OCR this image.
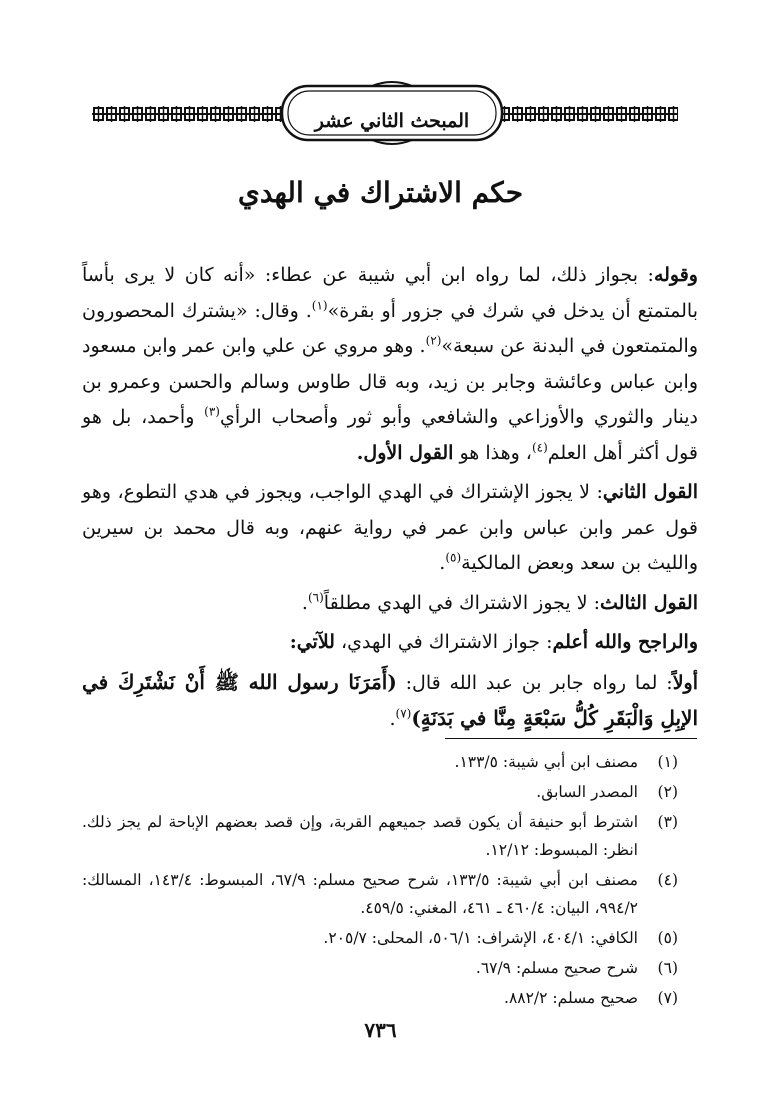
المبحث الثاني عشر
حكم الاشتراك في الهدي

وقوله: بجواز ذلك، لما رواه ابن أبي شيبة عن عطاء: «أنه كان لا يرى بأساً بالمتمتع أن يدخل في شرك في جزور أو بقرة»$^{(١)}$. وقال: «يشترك المحصورون والمتمتعون في البدنة عن سبعة»$^{(٢)}$. وهو مروي عن علي وابن عمر وابن مسعود وابن عباس وعائشة وجابر بن زيد، وبه قال طاوس وسالم والحسن وعمرو بن دينار والثوري والأوزاعي والشافعي وأبو ثور وأصحاب الرأي$^{(٣)}$ وأحمد، بل هو قول أكثر أهل العلم$^{(٤)}$، وهذا هو القول الأول.

القول الثاني: لا يجوز الإشتراك في الهدي الواجب، ويجوز في هدي التطوع، وهو قول عمر وابن عباس وابن عمر في رواية عنهم، وبه قال محمد بن سيرين والليث بن سعد وبعض المالكية$^{(٥)}$.

القول الثالث: لا يجوز الاشتراك في الهدي مطلقاً$^{(٦)}$.

والراجح والله أعلم: جواز الاشتراك في الهدي، للآتي:

أولاً: لما رواه جابر بن عبد الله قال: (أَمَرَنَا رسول الله ﷺ أَنْ نَشْتَرِكَ في الإبِلِ وَالْبَقَرِ كُلُّ سَبْعَةٍ مِنَّا في بَدَنَةٍ)$^{(٧)}$.

(١)
مصنف ابن أبي شيبة: ١٣٣/٥.
(٢)
المصدر السابق.
(٣)
اشترط أبو حنيفة أن يكون قصد جميعهم القربة، وإن قصد بعضهم الإباحة لم يجز ذلك. انظر: المبسوط: ١٢/١٢.
(٤)
مصنف ابن أبي شيبة: ١٣٣/٥، شرح صحيح مسلم: ٦٧/٩، المبسوط: ١٤٣/٤، المسالك: ٩٩٤/٢، البيان: ٤٦٠/٤ ـ ٤٦١، المغني: ٤٥٩/٥.
(٥)
الكافي: ٤٠٤/١، الإشراف: ٥٠٦/١، المحلى: ٢٠٥/٧.
(٦)
شرح صحيح مسلم: ٦٧/٩.
(٧)
صحيح مسلم: ٨٨٢/٢.
٧٣٦
